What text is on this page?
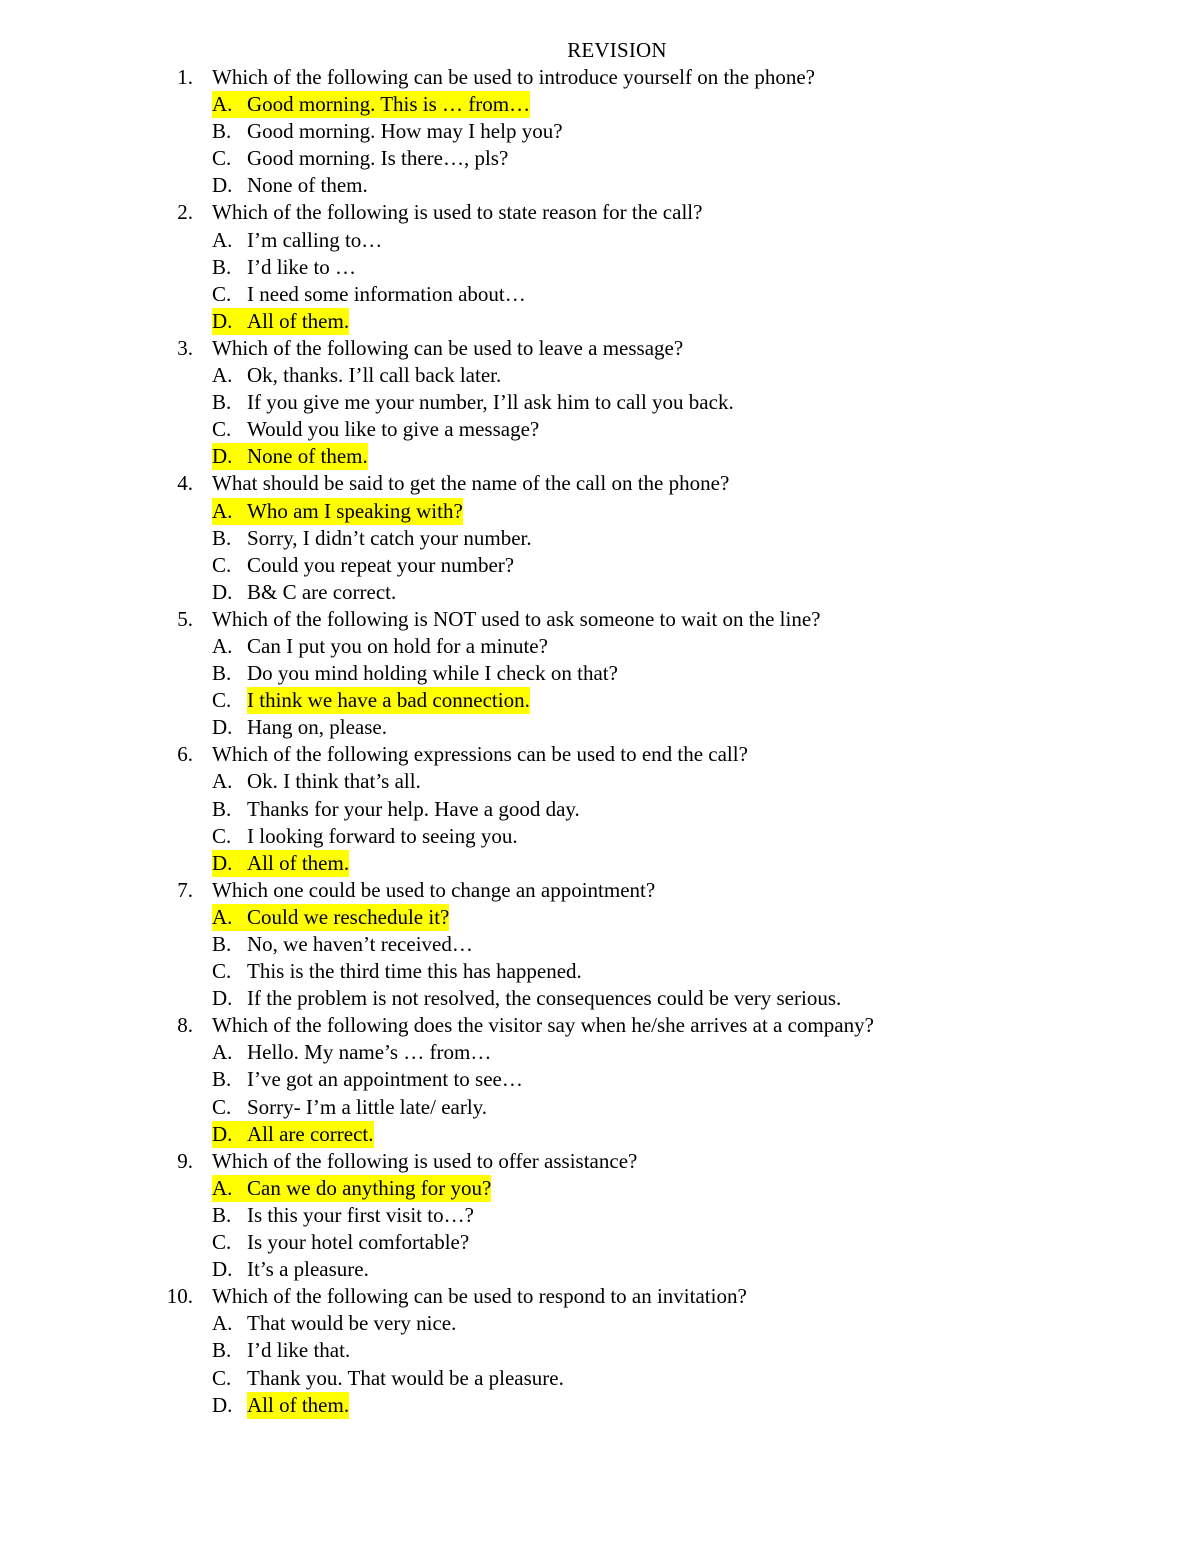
REVISION
1. Which of the following can be used to introduce yourself on the phone?
A. Good morning. This is … from…
B. Good morning. How may I help you?
C. Good morning. Is there…, pls?
D. None of them.
2. Which of the following is used to state reason for the call?
A. I’m calling to…
B. I’d like to …
C. I need some information about…
D. All of them.
3. Which of the following can be used to leave a message?
A. Ok, thanks. I’ll call back later.
B. If you give me your number, I’ll ask him to call you back.
C. Would you like to give a message?
D. None of them.
4. What should be said to get the name of the call on the phone?
A. Who am I speaking with?
B. Sorry, I didn’t catch your number.
C. Could you repeat your number?
D. B& C are correct.
5. Which of the following is NOT used to ask someone to wait on the line?
A. Can I put you on hold for a minute?
B. Do you mind holding while I check on that?
C. I think we have a bad connection.
D. Hang on, please.
6. Which of the following expressions can be used to end the call?
A. Ok. I think that’s all.
B. Thanks for your help. Have a good day.
C. I looking forward to seeing you.
D. All of them.
7. Which one could be used to change an appointment?
A. Could we reschedule it?
B. No, we haven’t received…
C. This is the third time this has happened.
D. If the problem is not resolved, the consequences could be very serious.
8. Which of the following does the visitor say when he/she arrives at a company?
A. Hello. My name’s … from…
B. I’ve got an appointment to see…
C. Sorry- I’m a little late/ early.
D. All are correct.
9. Which of the following is used to offer assistance?
A. Can we do anything for you?
B. Is this your first visit to…?
C. Is your hotel comfortable?
D. It’s a pleasure.
10. Which of the following can be used to respond to an invitation?
A. That would be very nice.
B. I’d like that.
C. Thank you. That would be a pleasure.
D. All of them.
